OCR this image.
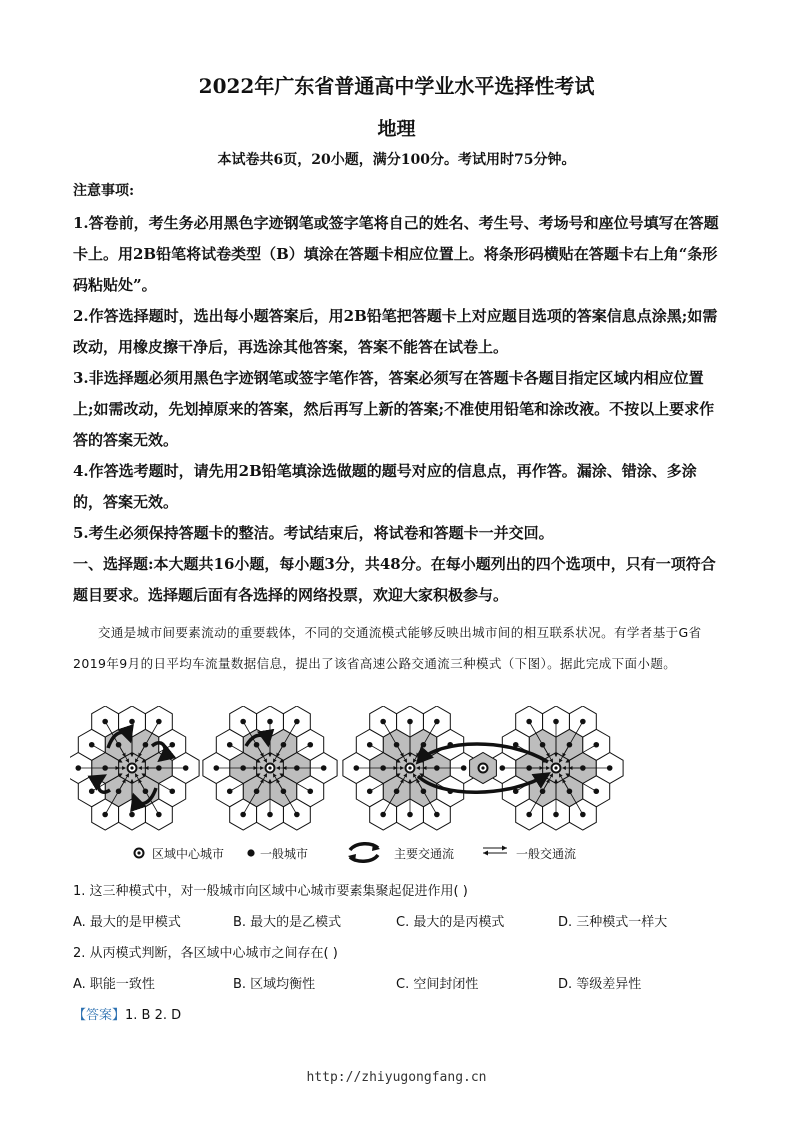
2022年广东省普通高中学业水平选择性考试
地理
本试卷共6页，20小题，满分100分。考试用时75分钟。
注意事项:

1.答卷前，考生务必用黑色字迹钢笔或签字笔将自己的姓名、考生号、考场号和座位号填写在答题卡上。用2B铅笔将试卷类型（B）填涂在答题卡相应位置上。将条形码横贴在答题卡右上角“条形码粘贴处”。

2.作答选择题时，选出每小题答案后，用2B铅笔把答题卡上对应题目选项的答案信息点涂黑;如需改动，用橡皮擦干净后，再选涂其他答案，答案不能答在试卷上。

3.非选择题必须用黑色字迹钢笔或签字笔作答，答案必须写在答题卡各题目指定区域内相应位置上;如需改动，先划掉原来的答案，然后再写上新的答案;不准使用铅笔和涂改液。不按以上要求作答的答案无效。

4.作答选考题时，请先用2B铅笔填涂选做题的题号对应的信息点，再作答。漏涂、错涂、多涂的，答案无效。

5.考生必须保持答题卡的整洁。考试结束后，将试卷和答题卡一并交回。

一、选择题:本大题共16小题，每小题3分，共48分。在每小题列出的四个选项中，只有一项符合题目要求。选择题后面有各选择的网络投票，欢迎大家积极参与。

交通是城市间要素流动的重要载体，不同的交通流模式能够反映出城市间的相互联系状况。有学者基于G省2019年9月的日平均车流量数据信息，提出了该省高速公路交通流三种模式（下图）。据此完成下面小题。

区域中心城市	一般城市	主要交通流	一般交通流
1. 这三种模式中，对一般城市向区域中心城市要素集聚起促进作用( )
A. 最大的是甲模式	B. 最大的是乙模式	C. 最大的是丙模式	D. 三种模式一样大
2. 从丙模式判断，各区域中心城市之间存在( )
A. 职能一致性	B. 区域均衡性	C. 空间封闭性	D. 等级差异性
【答案】1. B 2. D
http://zhiyugongfang.cn
